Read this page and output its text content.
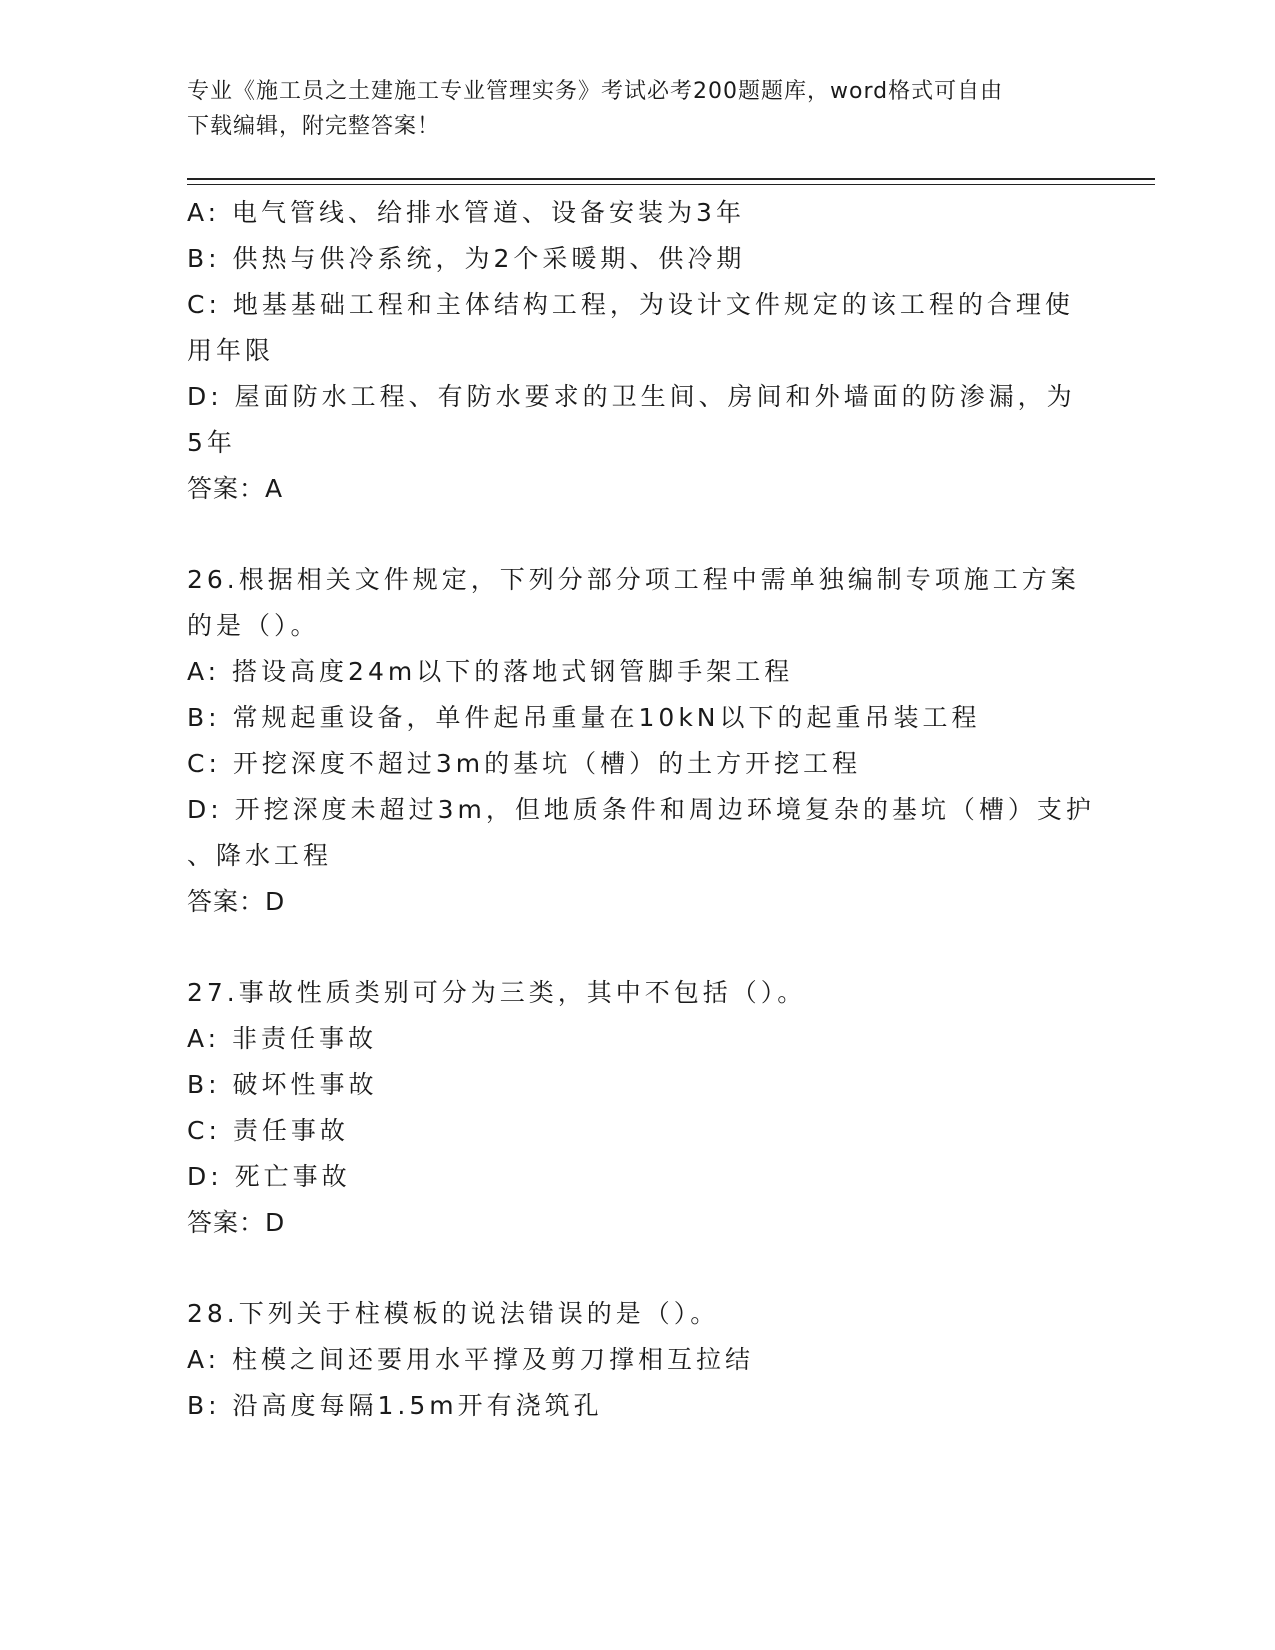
专业《施工员之土建施工专业管理实务》考试必考200题题库，word格式可自由
下载编辑，附完整答案！
A: 电气管线、给排水管道、设备安装为3年
B: 供热与供冷系统，为2个采暖期、供冷期
C: 地基基础工程和主体结构工程，为设计文件规定的该工程的合理使
用年限
D: 屋面防水工程、有防水要求的卫生间、房间和外墙面的防渗漏，为
5年
答案：A
26.根据相关文件规定，下列分部分项工程中需单独编制专项施工方案
的是（）。
A: 搭设高度24m以下的落地式钢管脚手架工程
B: 常规起重设备，单件起吊重量在10kN以下的起重吊装工程
C: 开挖深度不超过3m的基坑（槽）的土方开挖工程
D: 开挖深度未超过3m，但地质条件和周边环境复杂的基坑（槽）支护
、降水工程
答案：D
27.事故性质类别可分为三类，其中不包括（）。
A: 非责任事故
B: 破坏性事故
C: 责任事故
D: 死亡事故
答案：D
28.下列关于柱模板的说法错误的是（）。
A: 柱模之间还要用水平撑及剪刀撑相互拉结
B: 沿高度每隔1.5m开有浇筑孔
